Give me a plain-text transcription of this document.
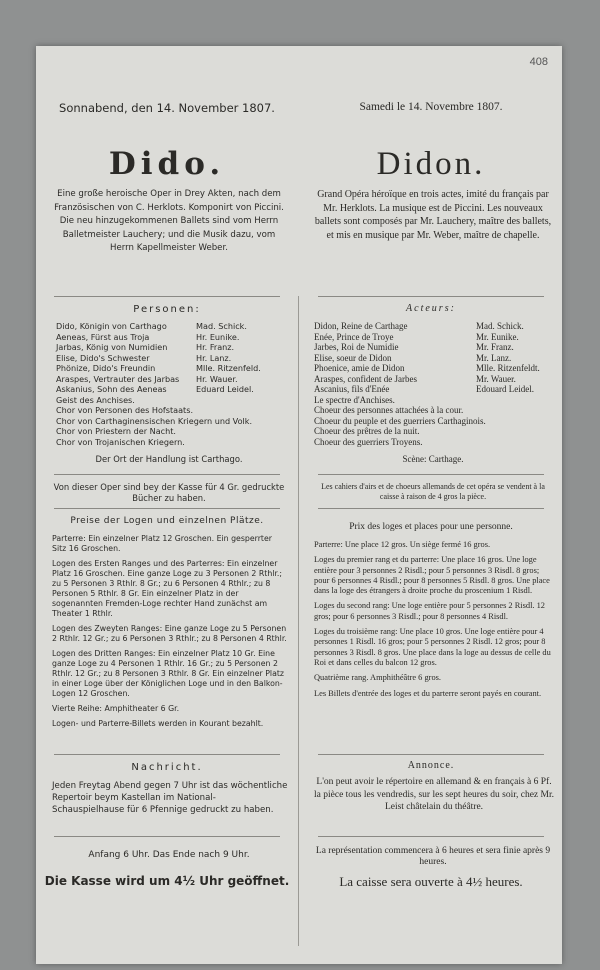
408
Sonnabend, den 14. November 1807.
Dido.
Eine große heroische Oper in Drey Akten, nach dem Französischen von C. Herklots. Komponirt von Piccini. Die neu hinzugekommenen Ballets sind vom Herrn Balletmeister Lauchery; und die Musik dazu, vom Herrn Kapellmeister Weber.
Personen:
Dido, Königin von Carthago	Mad. Schick.
Aeneas, Fürst aus Troja	Hr. Eunike.
Jarbas, König von Numidien	Hr. Franz.
Elise, Dido's Schwester	Hr. Lanz.
Phönize, Dido's Freundin	Mlle. Ritzenfeld.
Araspes, Vertrauter des Jarbas Hr. Wauer.
Askanius, Sohn des Aeneas	Eduard Leidel.
Geist des Anchises.
Chor von Personen des Hofstaats.
Chor von Carthaginensischen Kriegern und Volk.
Chor von Priestern der Nacht.
Chor von Trojanischen Kriegern.
Der Ort der Handlung ist Carthago.
Von dieser Oper sind bey der Kasse für 4 Gr. gedruckte Bücher zu haben.
Preise der Logen und einzelnen Plätze.

Parterre: Ein einzelner Platz 12 Groschen. Ein gesperrter Sitz 16 Groschen.

Logen des Ersten Ranges und des Parterres: Ein einzelner Platz 16 Groschen. Eine ganze Loge zu 3 Personen 2 Rthlr.; zu 5 Personen 3 Rthlr. 8 Gr.; zu 6 Personen 4 Rthlr.; zu 8 Personen 5 Rthlr. 8 Gr. Ein einzelner Platz in der sogenannten Fremden-Loge rechter Hand zunächst am Theater 1 Rthlr.

Logen des Zweyten Ranges: Eine ganze Loge zu 5 Personen 2 Rthlr. 12 Gr.; zu 6 Personen 3 Rthlr.; zu 8 Personen 4 Rthlr.

Logen des Dritten Ranges: Ein einzelner Platz 10 Gr. Eine ganze Loge zu 4 Personen 1 Rthlr. 16 Gr.; zu 5 Personen 2 Rthlr. 12 Gr.; zu 8 Personen 3 Rthlr. 8 Gr. Ein einzelner Platz in einer Loge über der Königlichen Loge und in den Balkon-Logen 12 Groschen.

Vierte Reihe: Amphitheater 6 Gr.

Logen- und Parterre-Billets werden in Kourant bezahlt.

Nachricht.
Jeden Freytag Abend gegen 7 Uhr ist das wöchentliche Repertoir beym Kastellan im National-Schauspielhause für 6 Pfennige gedruckt zu haben.
Anfang 6 Uhr. Das Ende nach 9 Uhr.
Die Kasse wird um 4½ Uhr geöffnet.
Samedi le 14. Novembre 1807.
Didon.
Grand Opéra héroïque en trois actes, imité du français par Mr. Herklots. La musique est de Piccini. Les nouveaux ballets sont composés par Mr. Lauchery, maître des ballets, et mis en musique par Mr. Weber, maître de chapelle.
Acteurs:
Didon, Reine de Carthage	Mad. Schick.
Enée, Prince de Troye	Mr. Eunike.
Jarbes, Roi de Numidie	Mr. Franz.
Elise, soeur de Didon	Mr. Lanz.
Phoenice, amie de Didon	Mlle. Ritzenfeldt.
Araspes, confident de Jarbes	Mr. Wauer.
Ascanius, fils d'Enée	Edouard Leidel.
Le spectre d'Anchises.
Choeur des personnes attachées à la cour.
Choeur du peuple et des guerriers Carthaginois.
Choeur des prêtres de la nuit.
Choeur des guerriers Troyens.
Scène: Carthage.
Les cahiers d'airs et de choeurs allemands de cet opéra se vendent à la caisse à raison de 4 gros la pièce.
Prix des loges et places pour une personne.

Parterre: Une place 12 gros. Un siège fermé 16 gros.

Loges du premier rang et du parterre: Une place 16 gros. Une loge entière pour 3 personnes 2 Risdl.; pour 5 personnes 3 Risdl. 8 gros; pour 6 personnes 4 Risdl.; pour 8 personnes 5 Risdl. 8 gros. Une place dans la loge des étrangers à droite proche du proscenium 1 Risdl.

Loges du second rang: Une loge entière pour 5 personnes 2 Risdl. 12 gros; pour 6 personnes 3 Risdl.; pour 8 personnes 4 Risdl.

Loges du troisième rang: Une place 10 gros. Une loge entière pour 4 personnes 1 Risdl. 16 gros; pour 5 personnes 2 Risdl. 12 gros; pour 8 personnes 3 Risdl. 8 gros. Une place dans la loge au dessus de celle du Roi et dans celles du balcon 12 gros.

Quatrième rang. Amphithéâtre 6 gros.

Les Billets d'entrée des loges et du parterre seront payés en courant.

Annonce.
L'on peut avoir le répertoire en allemand & en français à 6 Pf. la pièce tous les vendredis, sur les sept heures du soir, chez Mr. Leist châtelain du théâtre.
La représentation commencera à 6 heures et sera finie après 9 heures.
La caisse sera ouverte à 4½ heures.
